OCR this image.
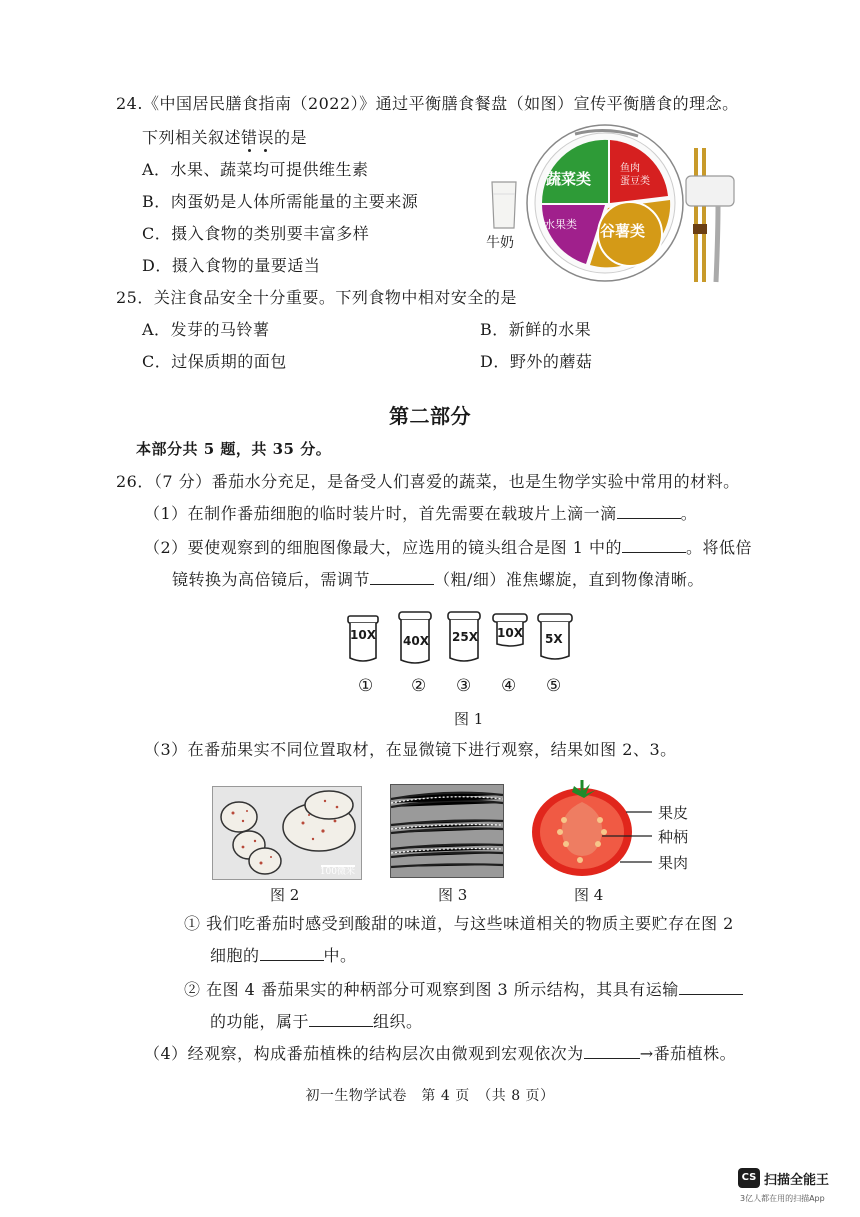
24.《中国居民膳食指南（2022）》通过平衡膳食餐盘（如图）宣传平衡膳食的理念。
下列相关叙述错误的是
A．水果、蔬菜均可提供维生素
B．肉蛋奶是人体所需能量的主要来源
C．摄入食物的类别要丰富多样
D．摄入食物的量要适当
牛奶
蔬菜类
鱼肉
蛋豆类
水果类 谷薯类
25．关注食品安全十分重要。下列食物中相对安全的是
A．发芽的马铃薯	B．新鲜的水果
C．过保质期的面包	D．野外的蘑菇
第二部分
本部分共 5 题，共 35 分。
26．（7 分）番茄水分充足，是备受人们喜爱的蔬菜，也是生物学实验中常用的材料。
（1）在制作番茄细胞的临时装片时，首先需要在载玻片上滴一滴	。
（2）要使观察到的细胞图像最大，应选用的镜头组合是图 1 中的	。将低倍
镜转换为高倍镜后，需调节	（粗/细）准焦螺旋，直到物像清晰。
10X 40X 25X 10X 5X
① ② ③ ④ ⑤
图 1
（3）在番茄果实不同位置取材，在显微镜下进行观察，结果如图 2、3。
100微米
图 2	图 3
果皮
种柄
果肉
图 4
① 我们吃番茄时感受到酸甜的味道，与这些味道相关的物质主要贮存在图 2
细胞的	中。
② 在图 4 番茄果实的种柄部分可观察到图 3 所示结构，其具有运输
的功能，属于	组织。
（4）经观察，构成番茄植株的结构层次由微观到宏观依次为	→番茄植株。
初一生物学试卷　第 4 页　（共 8 页）
CS 扫描全能王
3亿人都在用的扫描App
